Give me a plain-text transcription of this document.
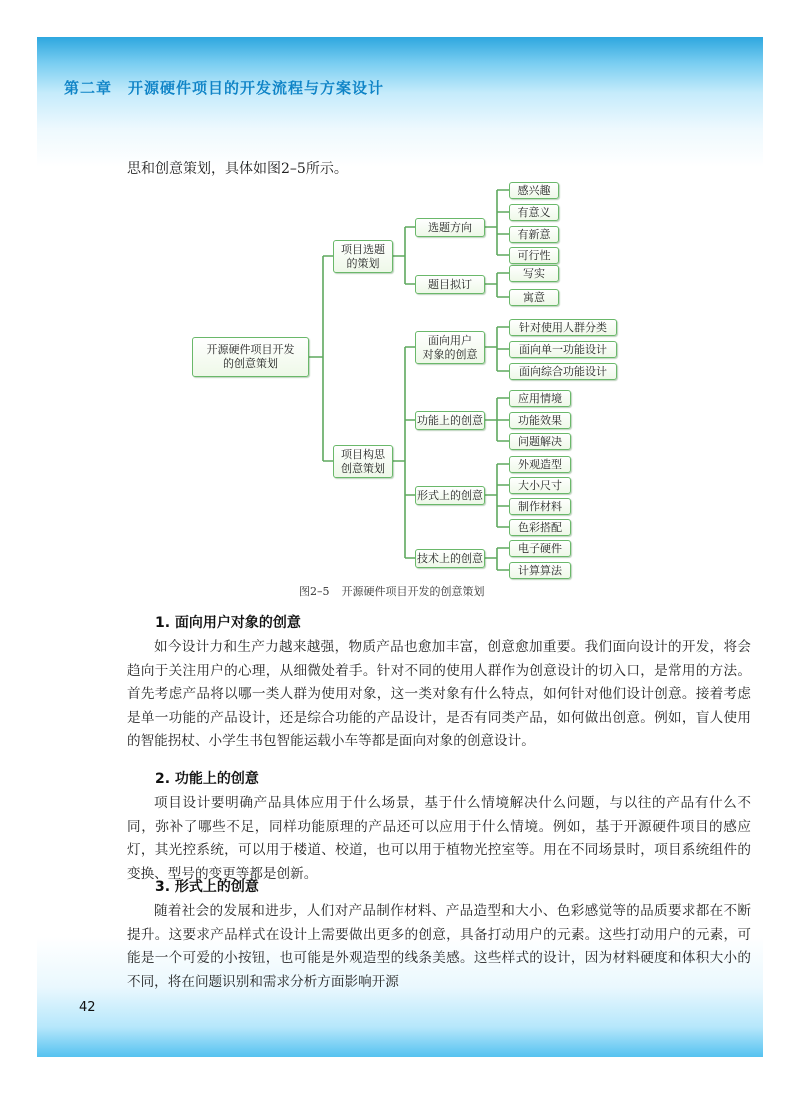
第二章　开源硬件项目的开发流程与方案设计
思和创意策划，具体如图2–5所示。
开源硬件项目开发
的创意策划
项目选题
的策划
项目构思
创意策划
选题方向
题目拟订
面向用户
对象的创意
功能上的创意
形式上的创意
技术上的创意
感兴趣
有意义
有新意
可行性
写实
寓意
针对使用人群分类
面向单一功能设计
面向综合功能设计
应用情境
功能效果
问题解决
外观造型
大小尺寸
制作材料
色彩搭配
电子硬件
计算算法
图2–5 开源硬件项目开发的创意策划
1. 面向用户对象的创意

如今设计力和生产力越来越强，物质产品也愈加丰富，创意愈加重要。我们面向设计的开发，将会趋向于关注用户的心理，从细微处着手。针对不同的使用人群作为创意设计的切入口，是常用的方法。首先考虑产品将以哪一类人群为使用对象，这一类对象有什么特点，如何针对他们设计创意。接着考虑是单一功能的产品设计，还是综合功能的产品设计，是否有同类产品，如何做出创意。例如，盲人使用的智能拐杖、小学生书包智能运载小车等都是面向对象的创意设计。

2. 功能上的创意

项目设计要明确产品具体应用于什么场景，基于什么情境解决什么问题，与以往的产品有什么不同，弥补了哪些不足，同样功能原理的产品还可以应用于什么情境。例如，基于开源硬件项目的感应灯，其光控系统，可以用于楼道、校道，也可以用于植物光控室等。用在不同场景时，项目系统组件的变换、型号的变更等都是创新。

3. 形式上的创意

随着社会的发展和进步，人们对产品制作材料、产品造型和大小、色彩感觉等的品质要求都在不断提升。这要求产品样式在设计上需要做出更多的创意，具备打动用户的元素。这些打动用户的元素，可能是一个可爱的小按钮，也可能是外观造型的线条美感。这些样式的设计，因为材料硬度和体积大小的不同，将在问题识别和需求分析方面影响开源

42
